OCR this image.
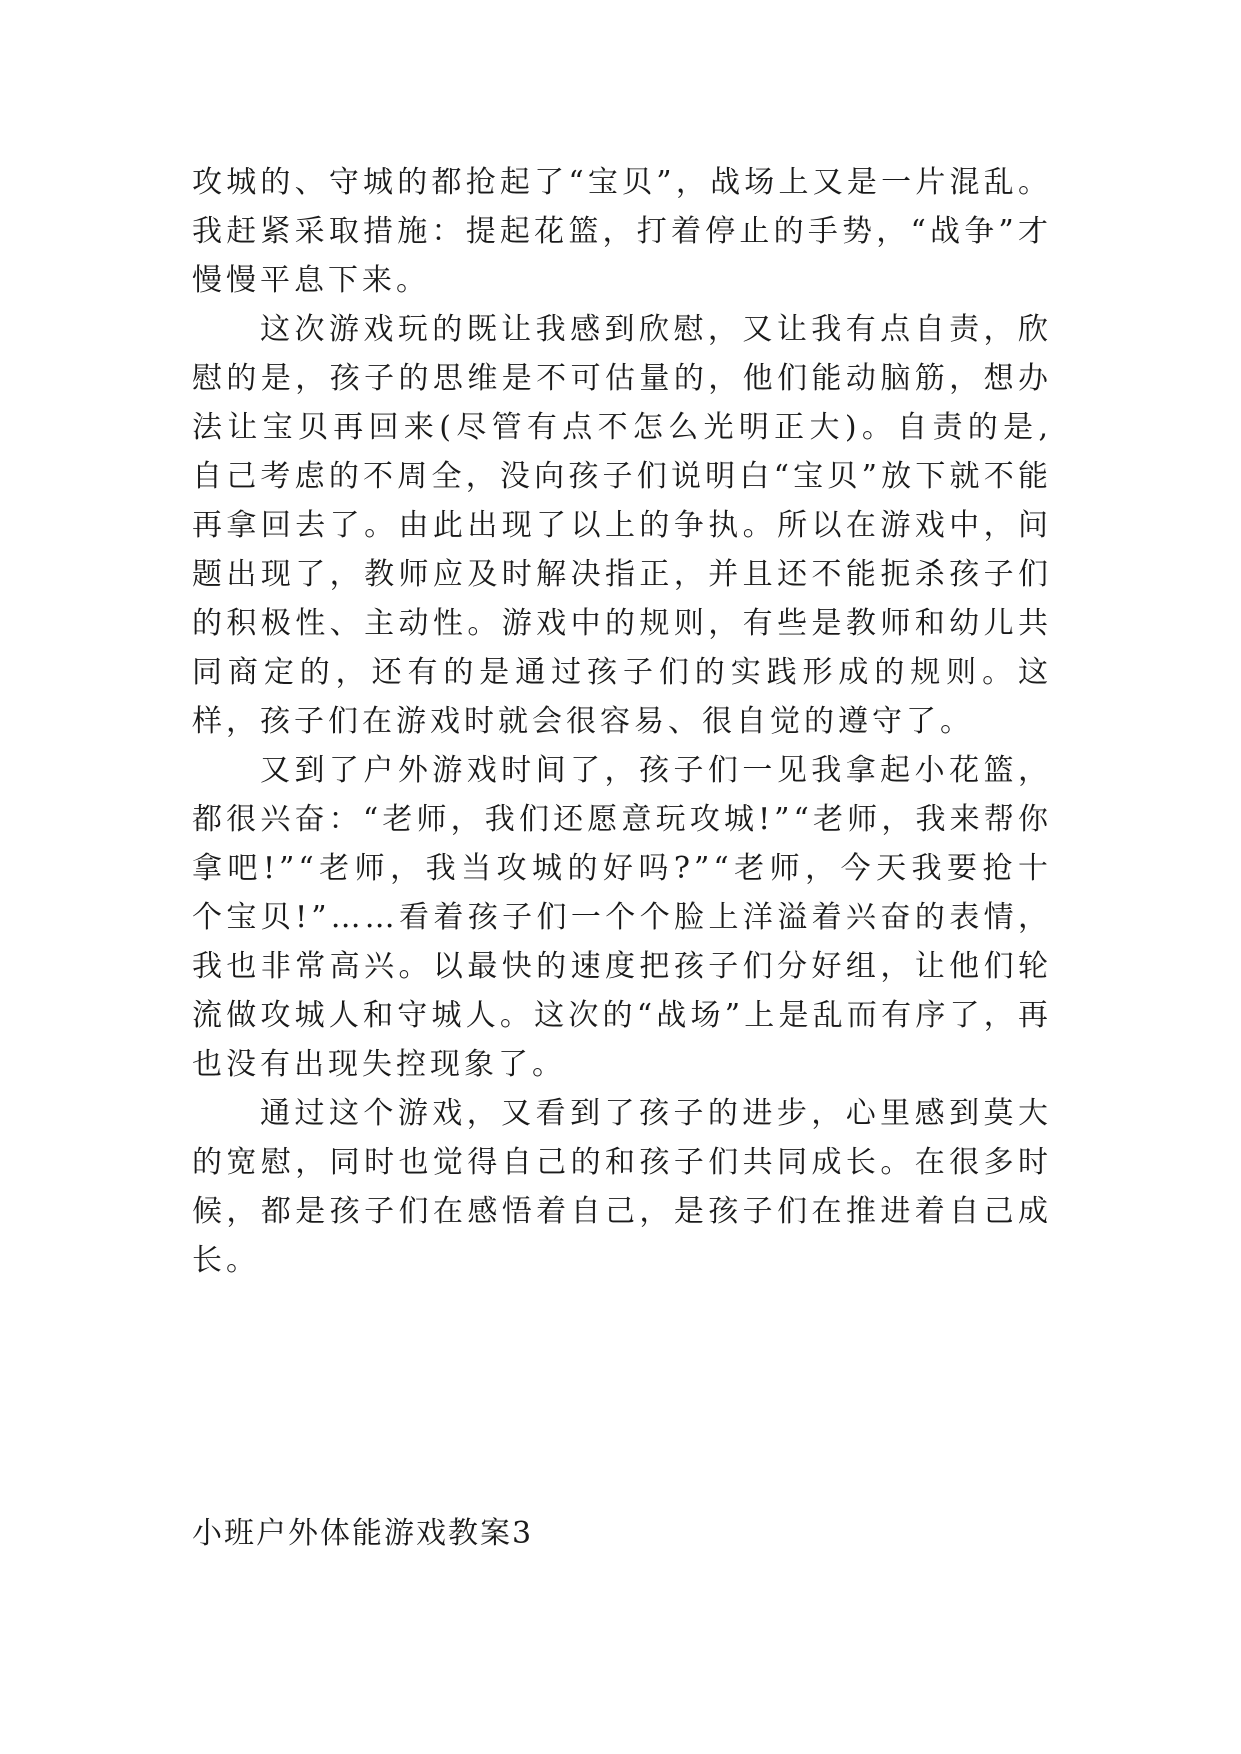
攻城的、守城的都抢起了“宝贝”，战场上又是一片混乱。我赶紧采取措施：提起花篮，打着停止的手势，“战争”才慢慢平息下来。

这次游戏玩的既让我感到欣慰，又让我有点自责，欣慰的是，孩子的思维是不可估量的，他们能动脑筋，想办法让宝贝再回来(尽管有点不怎么光明正大)。自责的是,自己考虑的不周全，没向孩子们说明白“宝贝”放下就不能再拿回去了。由此出现了以上的争执。所以在游戏中，问题出现了，教师应及时解决指正，并且还不能扼杀孩子们的积极性、主动性。游戏中的规则，有些是教师和幼儿共同商定的，还有的是通过孩子们的实践形成的规则。这样，孩子们在游戏时就会很容易、很自觉的遵守了。

又到了户外游戏时间了，孩子们一见我拿起小花篮，都很兴奋：“老师，我们还愿意玩攻城!”“老师，我来帮你拿吧!”“老师，我当攻城的好吗?”“老师，今天我要抢十个宝贝!”……看着孩子们一个个脸上洋溢着兴奋的表情，我也非常高兴。以最快的速度把孩子们分好组，让他们轮流做攻城人和守城人。这次的“战场”上是乱而有序了，再也没有出现失控现象了。

通过这个游戏，又看到了孩子的进步，心里感到莫大的宽慰，同时也觉得自己的和孩子们共同成长。在很多时候，都是孩子们在感悟着自己，是孩子们在推进着自己成长。

小班户外体能游戏教案3
